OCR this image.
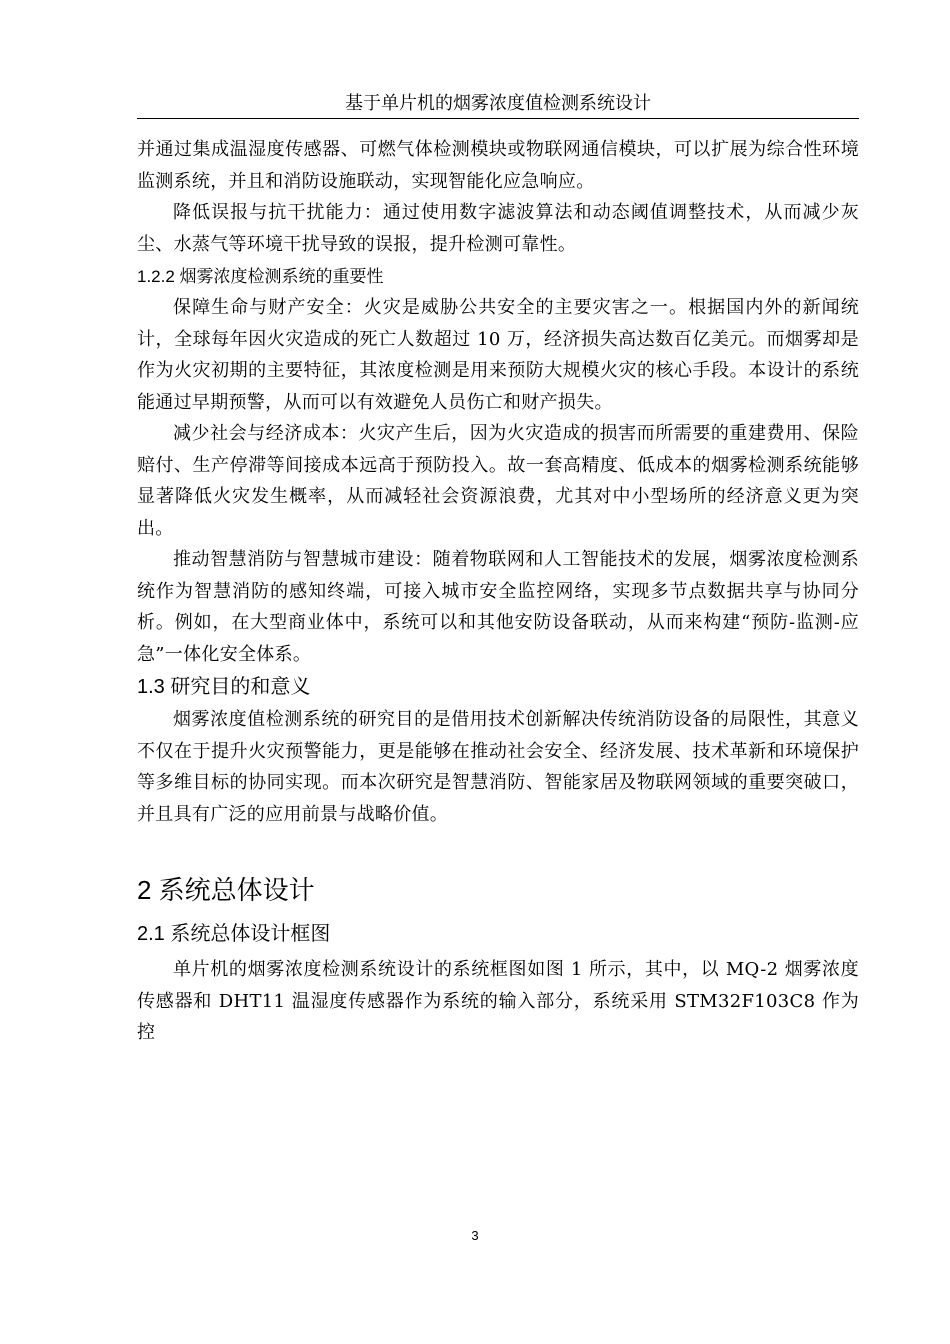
基于单片机的烟雾浓度值检测系统设计

并通过集成温湿度传感器、可燃气体检测模块或物联网通信模块，可以扩展为综合性环境监测系统，并且和消防设施联动，实现智能化应急响应。

降低误报与抗干扰能力：通过使用数字滤波算法和动态阈值调整技术，从而减少灰尘、水蒸气等环境干扰导致的误报，提升检测可靠性。

1.2.2 烟雾浓度检测系统的重要性

保障生命与财产安全：火灾是威胁公共安全的主要灾害之一。根据国内外的新闻统计，全球每年因火灾造成的死亡人数超过 10 万，经济损失高达数百亿美元。而烟雾却是作为火灾初期的主要特征，其浓度检测是用来预防大规模火灾的核心手段。本设计的系统能通过早期预警，从而可以有效避免人员伤亡和财产损失。

减少社会与经济成本：火灾产生后，因为火灾造成的损害而所需要的重建费用、保险赔付、生产停滞等间接成本远高于预防投入。故一套高精度、低成本的烟雾检测系统能够显著降低火灾发生概率，从而减轻社会资源浪费，尤其对中小型场所的经济意义更为突出。

推动智慧消防与智慧城市建设：随着物联网和人工智能技术的发展，烟雾浓度检测系统作为智慧消防的感知终端，可接入城市安全监控网络，实现多节点数据共享与协同分析。例如，在大型商业体中，系统可以和其他安防设备联动，从而来构建“预防-监测-应急”一体化安全体系。

1.3 研究目的和意义

烟雾浓度值检测系统的研究目的是借用技术创新解决传统消防设备的局限性，其意义不仅在于提升火灾预警能力，更是能够在推动社会安全、经济发展、技术革新和环境保护等多维目标的协同实现。而本次研究是智慧消防、智能家居及物联网领域的重要突破口，并且具有广泛的应用前景与战略价值。

2 系统总体设计
2.1 系统总体设计框图

单片机的烟雾浓度检测系统设计的系统框图如图 1 所示，其中，以 MQ-2 烟雾浓度传感器和 DHT11 温湿度传感器作为系统的输入部分，系统采用 STM32F103C8 作为控

3
